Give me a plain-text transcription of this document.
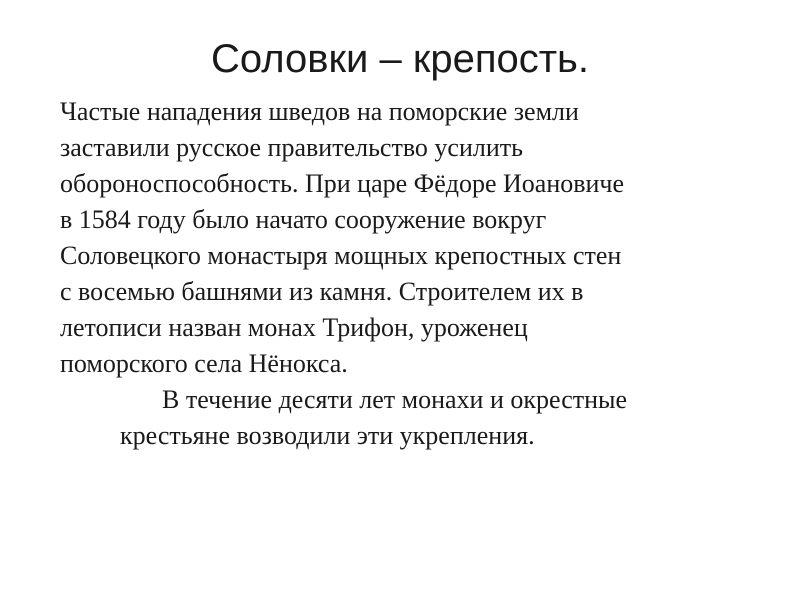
Соловки – крепость.

Частые нападения шведов на поморские земли
заставили русское правительство усилить
обороноспособность. При царе Фёдоре Иоановиче
в 1584 году было начато сооружение вокруг
Соловецкого монастыря мощных крепостных стен
с восемью башнями из камня. Строителем их в
летописи назван монах Трифон, уроженец
поморского села Нёнокса.

В течение десяти лет монахи и окрестные
крестьяне возводили эти укрепления.
